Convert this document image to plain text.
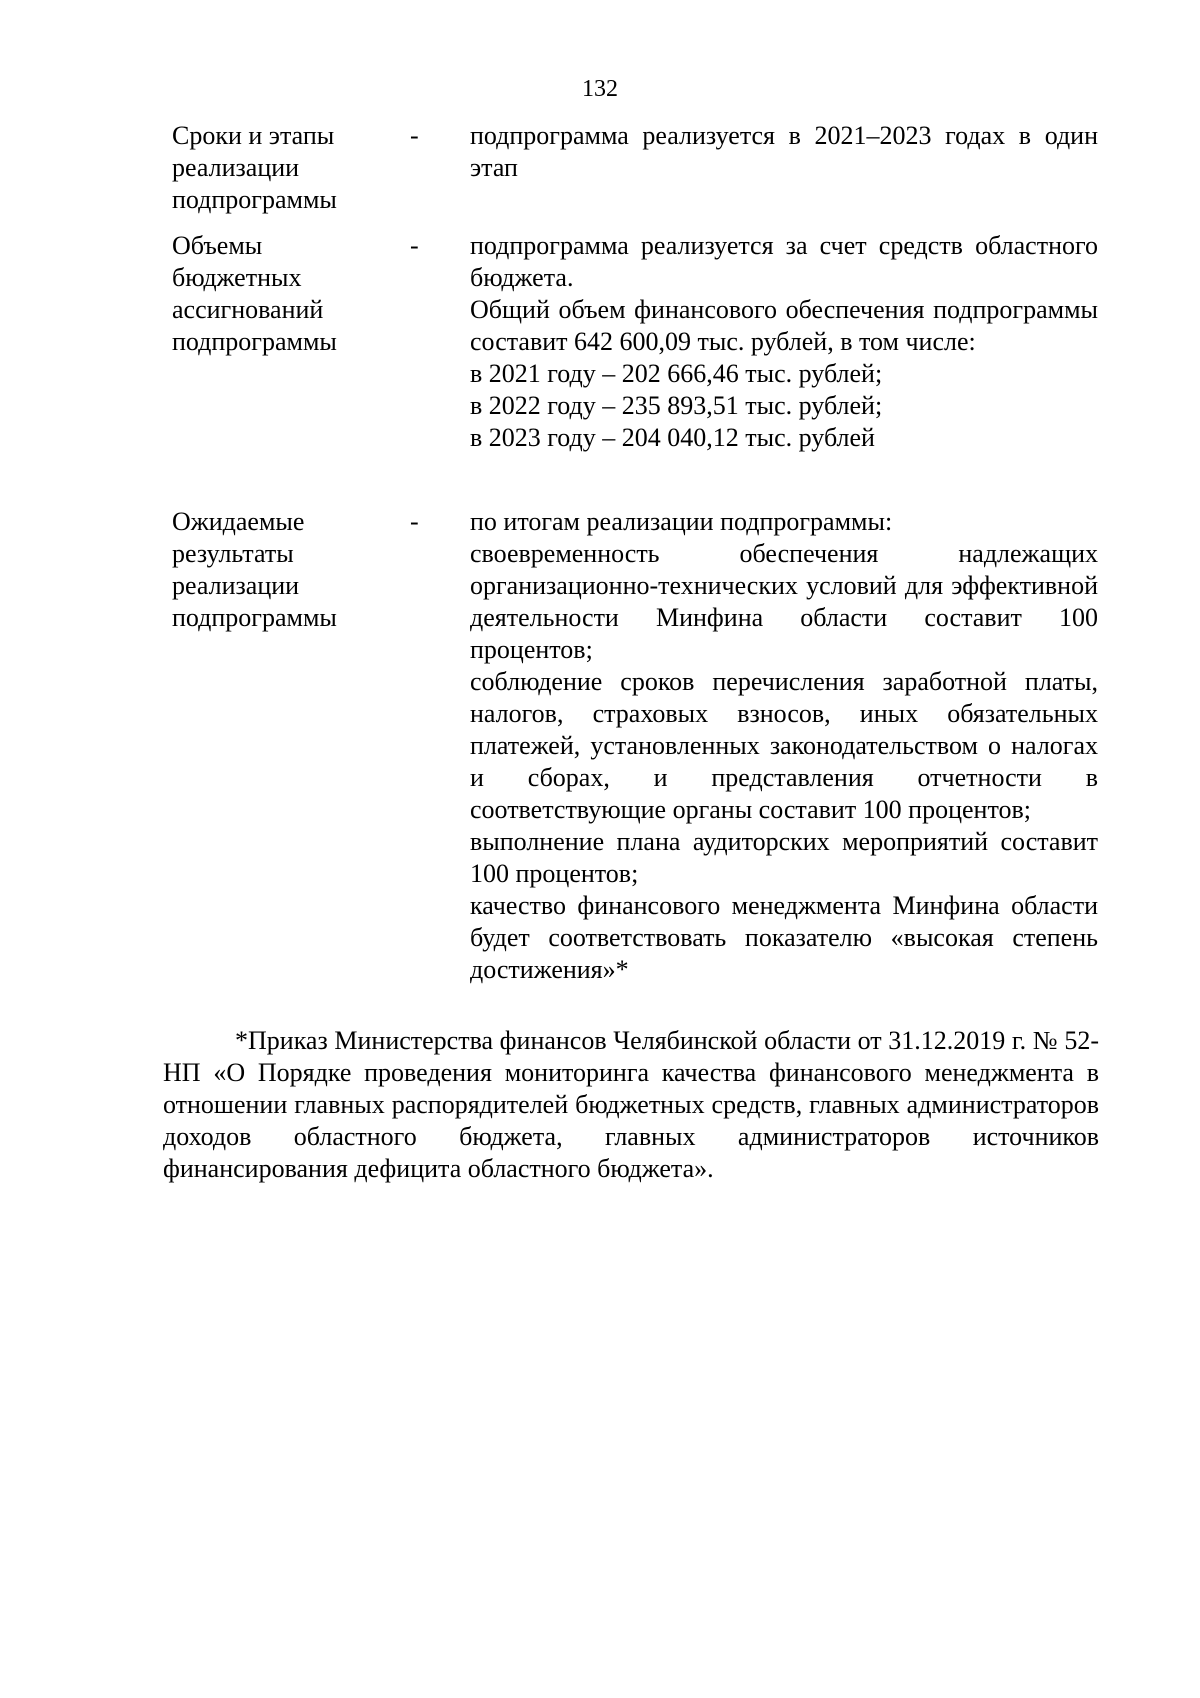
132
Сроки и этапы
реализации
подпрограммы
-	подпрограмма реализуется в 2021–2023 годах в один этап

Объемы
бюджетных
ассигнований
подпрограммы
-	подпрограмма реализуется за счет средств областного бюджета.

Общий объем финансового обеспечения подпрограммы составит 642 600,09 тыс. рублей, в том числе:

в 2021 году – 202 666,46 тыс. рублей;

в 2022 году – 235 893,51 тыс. рублей;

в 2023 году – 204 040,12 тыс. рублей

Ожидаемые
результаты
реализации
подпрограммы
-	по итогам реализации подпрограммы:

своевременность обеспечения надлежащих организационно-технических условий для эффективной деятельности Минфина области составит 100 процентов;

соблюдение сроков перечисления заработной платы, налогов, страховых взносов, иных обязательных платежей, установленных законодательством о налогах и сборах, и представления отчетности в соответствующие органы составит 100 процентов;

выполнение плана аудиторских мероприятий составит 100 процентов;

качество финансового менеджмента Минфина области будет соответствовать показателю «высокая степень достижения»*

*Приказ Министерства финансов Челябинской области от 31.12.2019 г. № 52-НП «О Порядке проведения мониторинга качества финансового менеджмента в отношении главных распорядителей бюджетных средств, главных администраторов доходов областного бюджета, главных администраторов источников финансирования дефицита областного бюджета».
